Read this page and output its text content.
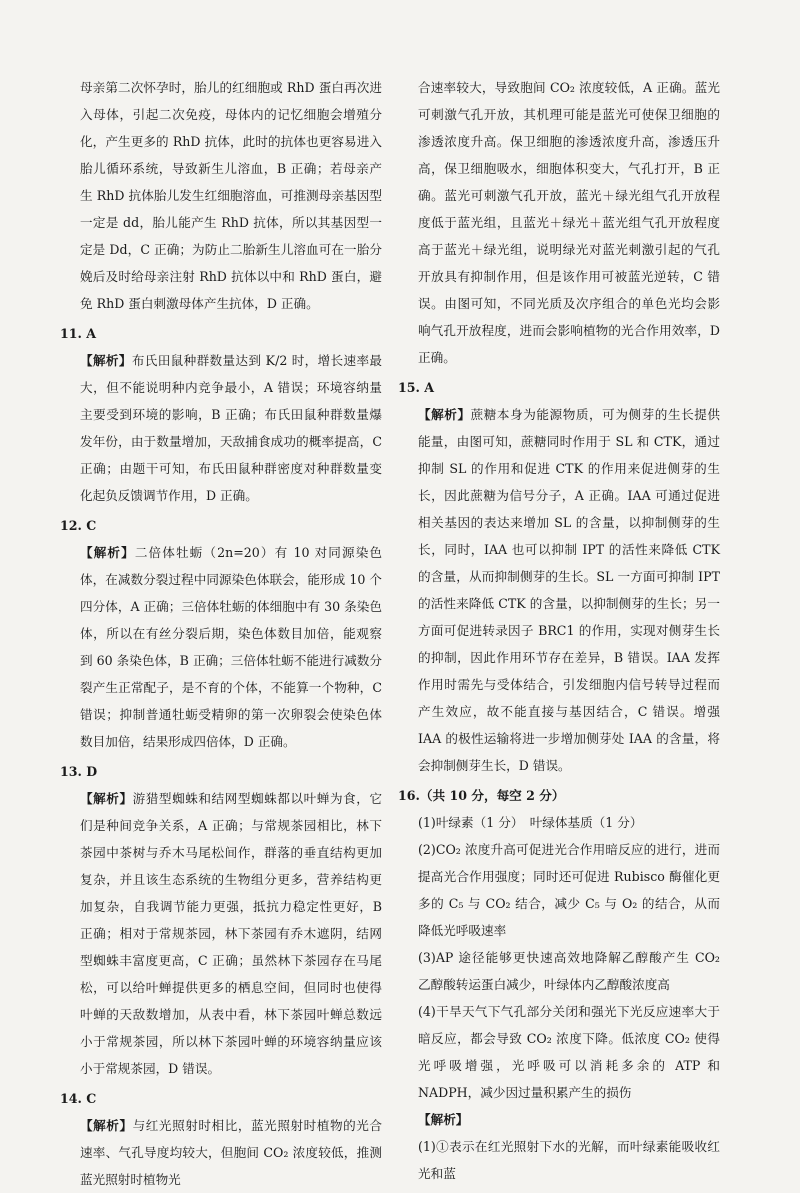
母亲第二次怀孕时，胎儿的红细胞或 RhD 蛋白再次进入母体，引起二次免疫，母体内的记忆细胞会增殖分化，产生更多的 RhD 抗体，此时的抗体也更容易进入胎儿循环系统，导致新生儿溶血，B 正确；若母亲产生 RhD 抗体胎儿发生红细胞溶血，可推测母亲基因型一定是 dd，胎儿能产生 RhD 抗体，所以其基因型一定是 Dd，C 正确；为防止二胎新生儿溶血可在一胎分娩后及时给母亲注射 RhD 抗体以中和 RhD 蛋白，避免 RhD 蛋白刺激母体产生抗体，D 正确。

11. A

【解析】布氏田鼠种群数量达到 K/2 时，增长速率最大，但不能说明种内竞争最小，A 错误；环境容纳量主要受到环境的影响，B 正确；布氏田鼠种群数量爆发年份，由于数量增加，天敌捕食成功的概率提高，C 正确；由题干可知，布氏田鼠种群密度对种群数量变化起负反馈调节作用，D 正确。

12. C

【解析】二倍体牡蛎（2n=20）有 10 对同源染色体，在减数分裂过程中同源染色体联会，能形成 10 个四分体，A 正确；三倍体牡蛎的体细胞中有 30 条染色体，所以在有丝分裂后期，染色体数目加倍，能观察到 60 条染色体，B 正确；三倍体牡蛎不能进行减数分裂产生正常配子，是不育的个体，不能算一个物种，C 错误；抑制普通牡蛎受精卵的第一次卵裂会使染色体数目加倍，结果形成四倍体，D 正确。

13. D

【解析】游猎型蜘蛛和结网型蜘蛛都以叶蝉为食，它们是种间竞争关系，A 正确；与常规茶园相比，林下茶园中茶树与乔木马尾松间作，群落的垂直结构更加复杂，并且该生态系统的生物组分更多，营养结构更加复杂，自我调节能力更强，抵抗力稳定性更好，B 正确；相对于常规茶园，林下茶园有乔木遮阴，结网型蜘蛛丰富度更高，C 正确；虽然林下茶园存在马尾松，可以给叶蝉提供更多的栖息空间，但同时也使得叶蝉的天敌数增加，从表中看，林下茶园叶蝉总数远小于常规茶园，所以林下茶园叶蝉的环境容纳量应该小于常规茶园，D 错误。

14. C

【解析】与红光照射时相比，蓝光照射时植物的光合速率、气孔导度均较大，但胞间 CO₂ 浓度较低，推测蓝光照射时植物光

合速率较大，导致胞间 CO₂ 浓度较低，A 正确。蓝光可刺激气孔开放，其机理可能是蓝光可使保卫细胞的渗透浓度升高。保卫细胞的渗透浓度升高，渗透压升高，保卫细胞吸水，细胞体积变大，气孔打开，B 正确。蓝光可刺激气孔开放，蓝光＋绿光组气孔开放程度低于蓝光组，且蓝光＋绿光＋蓝光组气孔开放程度高于蓝光＋绿光组，说明绿光对蓝光刺激引起的气孔开放具有抑制作用，但是该作用可被蓝光逆转，C 错误。由图可知，不同光质及次序组合的单色光均会影响气孔开放程度，进而会影响植物的光合作用效率，D 正确。

15. A

【解析】蔗糖本身为能源物质，可为侧芽的生长提供能量，由图可知，蔗糖同时作用于 SL 和 CTK，通过抑制 SL 的作用和促进 CTK 的作用来促进侧芽的生长，因此蔗糖为信号分子，A 正确。IAA 可通过促进相关基因的表达来增加 SL 的含量，以抑制侧芽的生长，同时，IAA 也可以抑制 IPT 的活性来降低 CTK 的含量，从而抑制侧芽的生长。SL 一方面可抑制 IPT 的活性来降低 CTK 的含量，以抑制侧芽的生长；另一方面可促进转录因子 BRC1 的作用，实现对侧芽生长的抑制，因此作用环节存在差异，B 错误。IAA 发挥作用时需先与受体结合，引发细胞内信号转导过程而产生效应，故不能直接与基因结合，C 错误。增强 IAA 的极性运输将进一步增加侧芽处 IAA 的含量，将会抑制侧芽生长，D 错误。

16.（共 10 分，每空 2 分）

(1)叶绿素（1 分）　叶绿体基质（1 分）

(2)CO₂ 浓度升高可促进光合作用暗反应的进行，进而提高光合作用强度；同时还可促进 Rubisco 酶催化更多的 C₅ 与 CO₂ 结合，减少 C₅ 与 O₂ 的结合，从而降低光呼吸速率

(3)AP 途径能够更快速高效地降解乙醇酸产生 CO₂　乙醇酸转运蛋白减少，叶绿体内乙醇酸浓度高

(4)干旱天气下气孔部分关闭和强光下光反应速率大于暗反应，都会导致 CO₂ 浓度下降。低浓度 CO₂ 使得光呼吸增强，光呼吸可以消耗多余的 ATP 和 NADPH，减少因过量积累产生的损伤

【解析】

(1)①表示在红光照射下水的光解，而叶绿素能吸收红光和蓝
